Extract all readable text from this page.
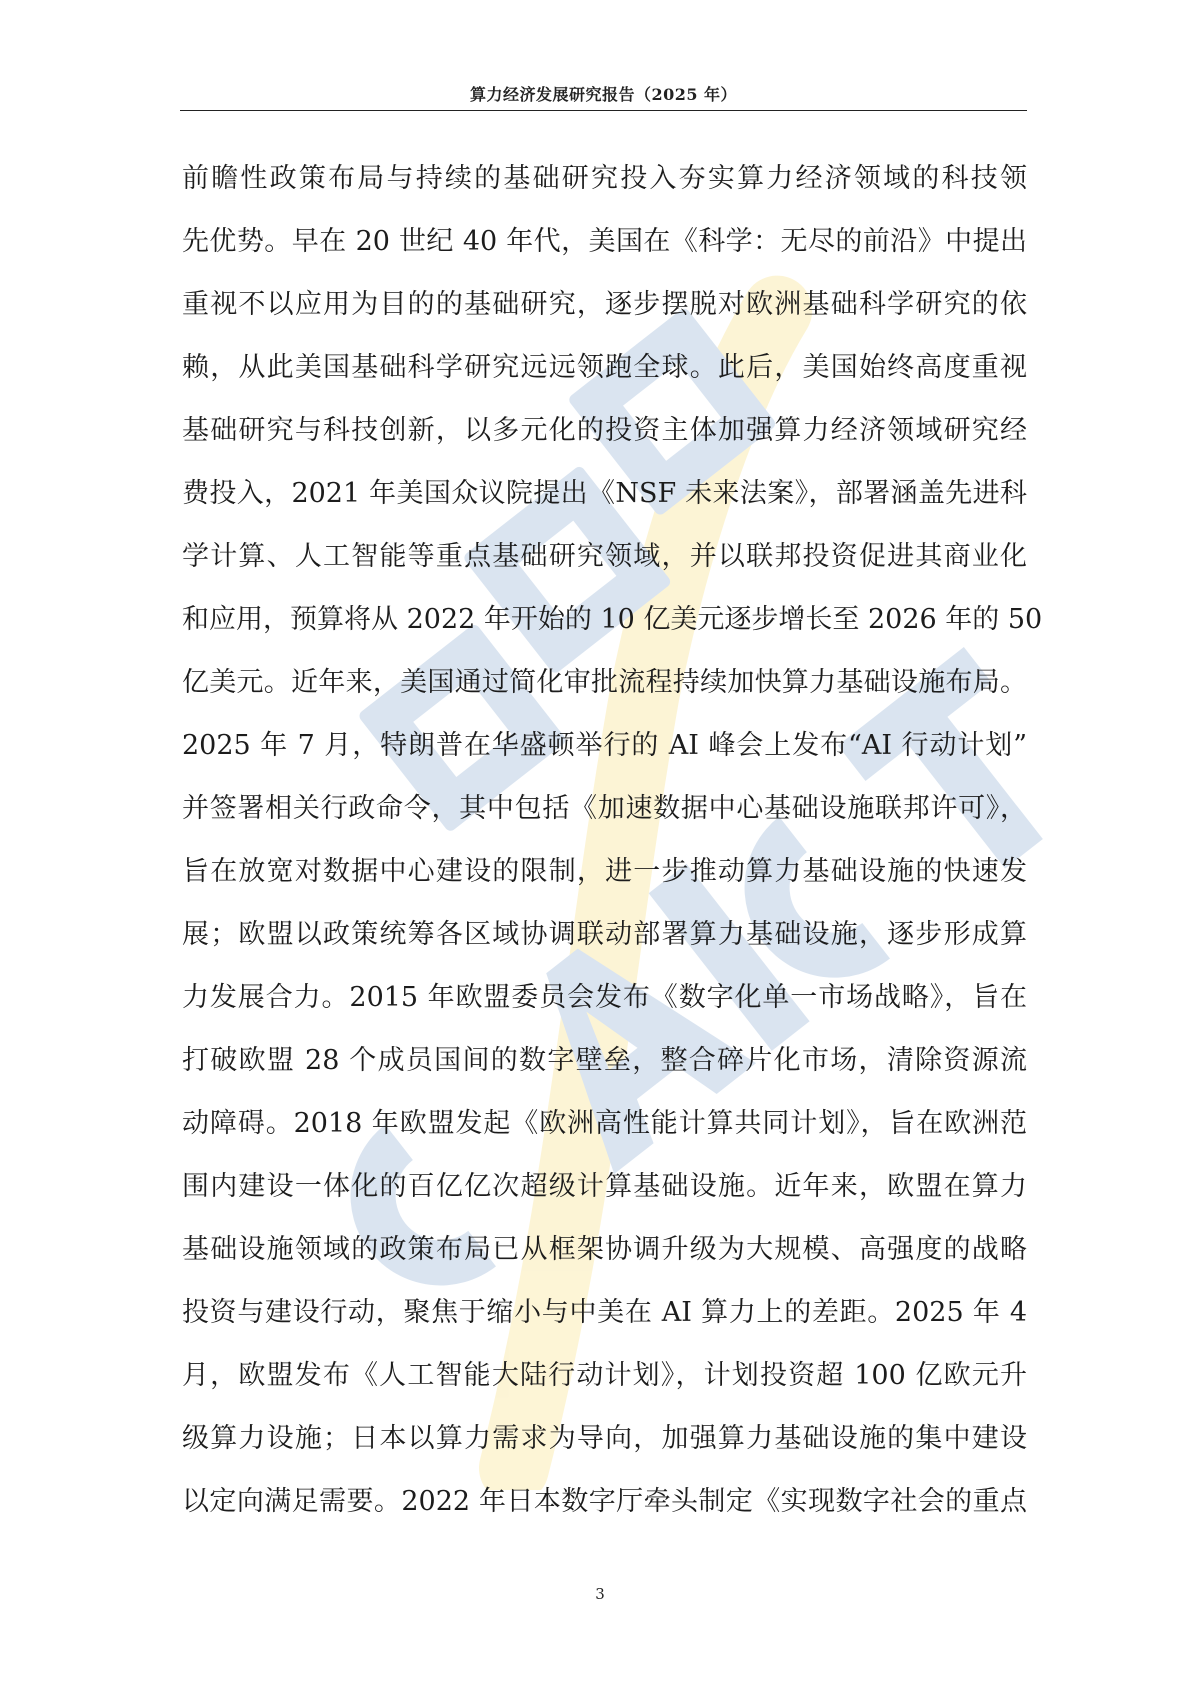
算力经济发展研究报告（2025 年）
前瞻性政策布局与持续的基础研究投入夯实算力经济领域的科技领
先优势。早在 20 世纪 40 年代，美国在《科学：无尽的前沿》中提出
重视不以应用为目的的基础研究，逐步摆脱对欧洲基础科学研究的依
赖，从此美国基础科学研究远远领跑全球。此后，美国始终高度重视
基础研究与科技创新，以多元化的投资主体加强算力经济领域研究经
费投入，2021 年美国众议院提出《NSF 未来法案》，部署涵盖先进科
学计算、人工智能等重点基础研究领域，并以联邦投资促进其商业化
和应用，预算将从 2022 年开始的 10 亿美元逐步增长至 2026 年的 50
亿美元。近年来，美国通过简化审批流程持续加快算力基础设施布局。
2025 年 7 月，特朗普在华盛顿举行的 AI 峰会上发布“AI 行动计划”
并签署相关行政命令，其中包括《加速数据中心基础设施联邦许可》，
旨在放宽对数据中心建设的限制，进一步推动算力基础设施的快速发
展；欧盟以政策统筹各区域协调联动部署算力基础设施，逐步形成算
力发展合力。2015 年欧盟委员会发布《数字化单一市场战略》，旨在
打破欧盟 28 个成员国间的数字壁垒，整合碎片化市场，清除资源流
动障碍。2018 年欧盟发起《欧洲高性能计算共同计划》，旨在欧洲范
围内建设一体化的百亿亿次超级计算基础设施。近年来，欧盟在算力
基础设施领域的政策布局已从框架协调升级为大规模、高强度的战略
投资与建设行动，聚焦于缩小与中美在 AI 算力上的差距。2025 年 4
月，欧盟发布《人工智能大陆行动计划》，计划投资超 100 亿欧元升
级算力设施；日本以算力需求为导向，加强算力基础设施的集中建设
以定向满足需要。2022 年日本数字厅牵头制定《实现数字社会的重点
3
